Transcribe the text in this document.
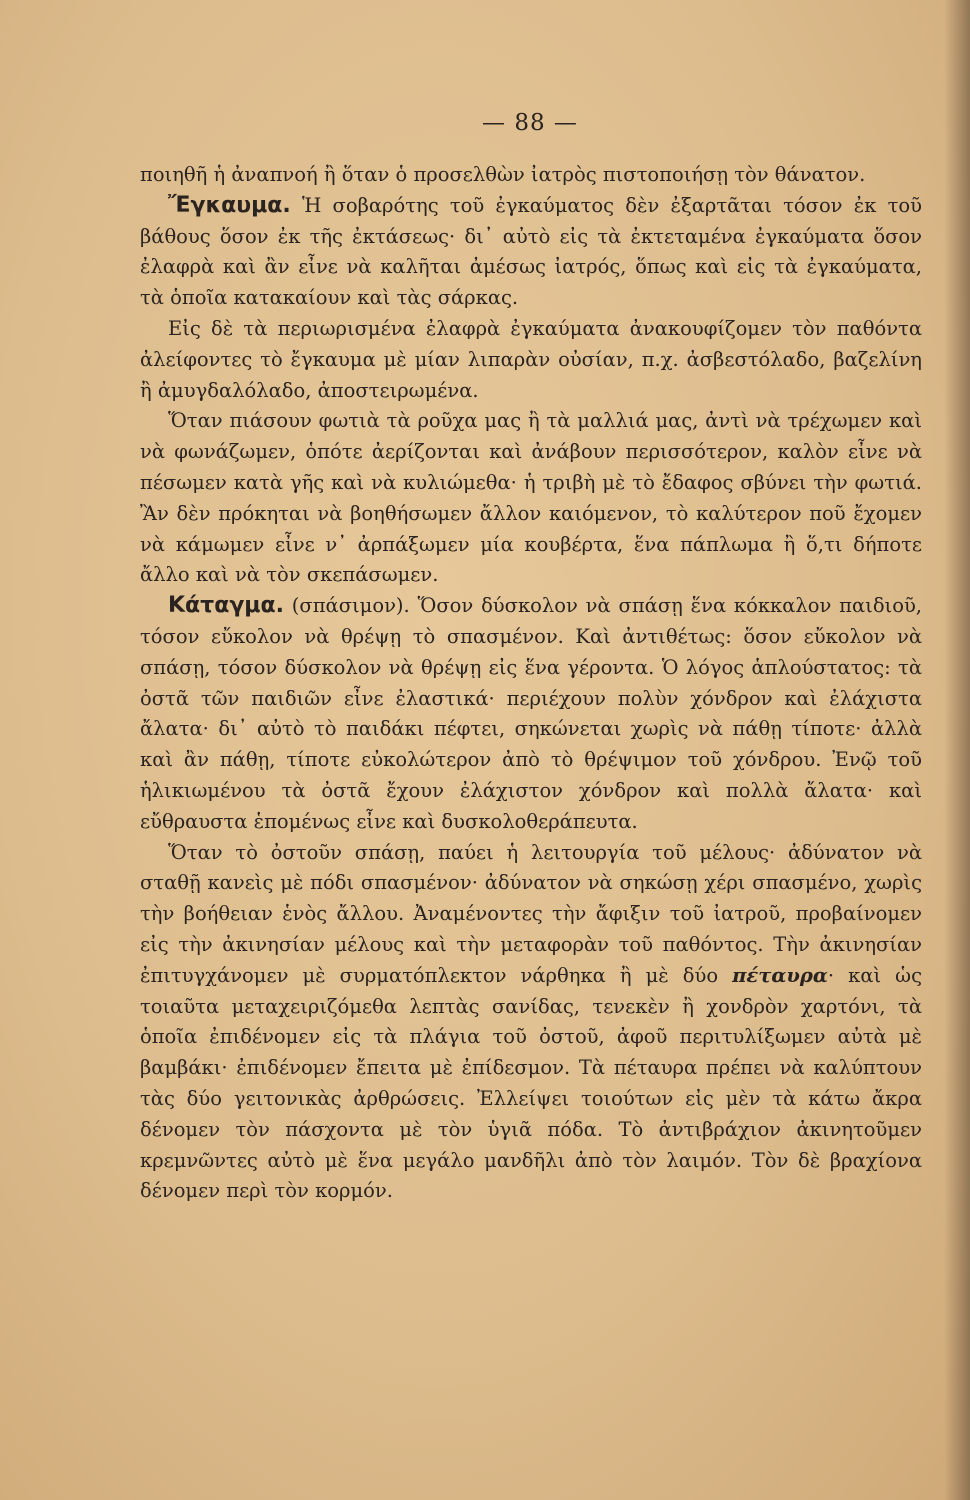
— 88 —

ποιηθῆ ἡ ἀναπνοή ἢ ὅταν ὁ προσελθὼν ἰατρὸς πιστοποιήσῃ τὸν θάνατον.

Ἔγκαυμα. Ἡ σοβαρότης τοῦ ἐγκαύματος δὲν ἐξαρτᾶται τόσον ἐκ τοῦ βάθους ὅσον ἐκ τῆς ἐκτάσεως· δι᾽ αὐτὸ εἰς τὰ ἐκτεταμένα ἐγκαύματα ὅσον ἐλαφρὰ καὶ ἂν εἶνε νὰ καλῆται ἀμέσως ἰατρός, ὅπως καὶ εἰς τὰ ἐγκαύματα, τὰ ὁποῖα κατακαίουν καὶ τὰς σάρκας.

Εἰς δὲ τὰ περιωρισμένα ἐλαφρὰ ἐγκαύματα ἀνακουφίζομεν τὸν παθόντα ἀλείφοντες τὸ ἔγκαυμα μὲ μίαν λιπαρὰν οὐσίαν, π.χ. ἀσβεστόλαδο, βαζελίνη ἢ ἀμυγδαλόλαδο, ἀποστειρωμένα.

Ὅταν πιάσουν φωτιὰ τὰ ροῦχα μας ἢ τὰ μαλλιά μας, ἀντὶ νὰ τρέχωμεν καὶ νὰ φωνάζωμεν, ὁπότε ἀερίζονται καὶ ἀνάβουν περισσότερον, καλὸν εἶνε νὰ πέσωμεν κατὰ γῆς καὶ νὰ κυλιώμεθα· ἡ τριβὴ μὲ τὸ ἔδαφος σβύνει τὴν φωτιά. Ἂν δὲν πρόκηται νὰ βοηθήσωμεν ἄλλον καιόμενον, τὸ καλύτερον ποῦ ἔχομεν νὰ κάμωμεν εἶνε ν᾽ ἀρπάξωμεν μία κουβέρτα, ἕνα πάπλωμα ἢ ὅ,τι δήποτε ἄλλο καὶ νὰ τὸν σκεπάσωμεν.

Κάταγμα. (σπάσιμον). Ὅσον δύσκολον νὰ σπάσῃ ἕνα κόκκαλον παιδιοῦ, τόσον εὔκολον νὰ θρέψῃ τὸ σπασμένον. Καὶ ἀντιθέτως: ὅσον εὔκολον νὰ σπάσῃ, τόσον δύσκολον νὰ θρέψῃ εἰς ἕνα γέροντα. Ὁ λόγος ἁπλούστατος: τὰ ὀστᾶ τῶν παιδιῶν εἶνε ἐλαστικά· περιέχουν πολὺν χόνδρον καὶ ἐλάχιστα ἄλατα· δι᾽ αὐτὸ τὸ παιδάκι πέφτει, σηκώνεται χωρὶς νὰ πάθῃ τίποτε· ἀλλὰ καὶ ἂν πάθῃ, τίποτε εὐκολώτερον ἀπὸ τὸ θρέψιμον τοῦ χόνδρου. Ἐνῷ τοῦ ἡλικιωμένου τὰ ὀστᾶ ἔχουν ἐλάχιστον χόνδρον καὶ πολλὰ ἄλατα· καὶ εὔθραυστα ἑπομένως εἶνε καὶ δυσκολοθεράπευτα.

Ὅταν τὸ ὀστοῦν σπάσῃ, παύει ἡ λειτουργία τοῦ μέλους· ἀδύνατον νὰ σταθῇ κανεὶς μὲ πόδι σπασμένον· ἀδύνατον νὰ σηκώσῃ χέρι σπασμένο, χωρὶς τὴν βοήθειαν ἑνὸς ἄλλου. Ἀναμένοντες τὴν ἄφιξιν τοῦ ἰατροῦ, προβαίνομεν εἰς τὴν ἀκινησίαν μέλους καὶ τὴν μεταφορὰν τοῦ παθόντος. Τὴν ἀκινησίαν ἐπιτυγχάνομεν μὲ συρματόπλεκτον νάρθηκα ἢ μὲ δύο πέταυρα· καὶ ὡς τοιαῦτα μεταχειριζόμεθα λεπτὰς σανίδας, τενεκὲν ἢ χονδρὸν χαρτόνι, τὰ ὁποῖα ἐπιδένομεν εἰς τὰ πλάγια τοῦ ὀστοῦ, ἀφοῦ περιτυλίξωμεν αὐτὰ μὲ βαμβάκι· ἐπιδένομεν ἔπειτα μὲ ἐπίδεσμον. Τὰ πέταυρα πρέπει νὰ καλύπτουν τὰς δύο γειτονικὰς ἀρθρώσεις. Ἐλλείψει τοιούτων εἰς μὲν τὰ κάτω ἄκρα δένομεν τὸν πάσχοντα μὲ τὸν ὑγιᾶ πόδα. Τὸ ἀντιβράχιον ἀκινητοῦμεν κρεμνῶντες αὐτὸ μὲ ἕνα μεγάλο μανδῆλι ἀπὸ τὸν λαιμόν. Τὸν δὲ βραχίονα δένομεν περὶ τὸν κορμόν.
